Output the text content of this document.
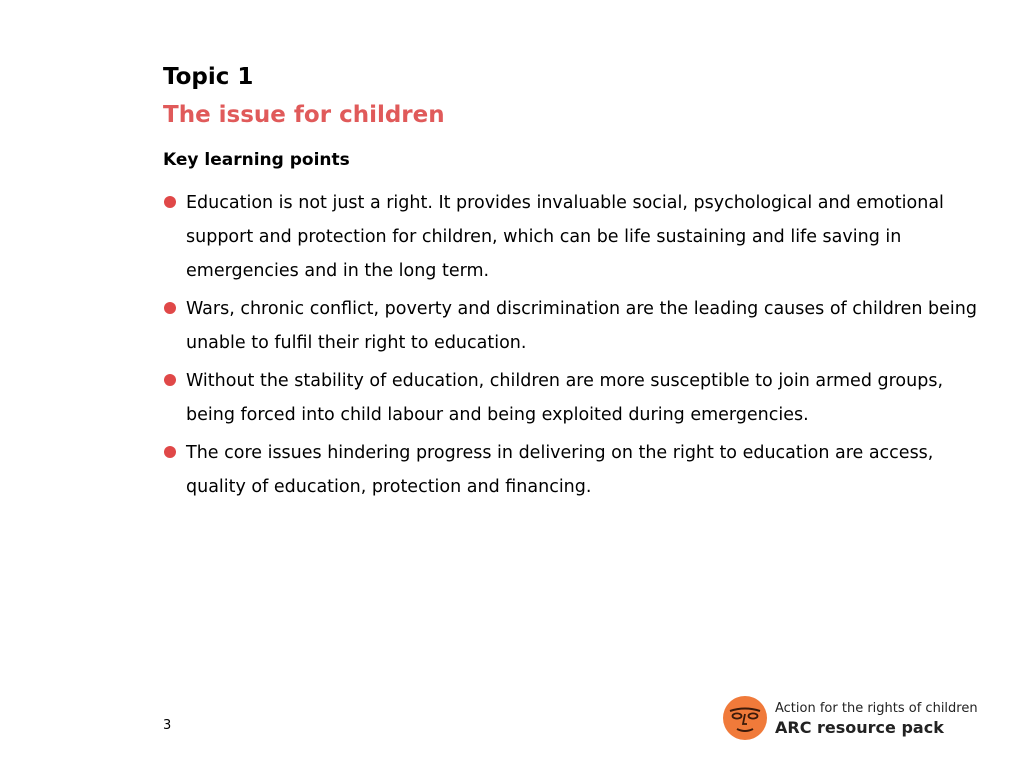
Topic 1
The issue for children
Key learning points
Education is not just a right. It provides invaluable social, psychological and emotional support and protection for children, which can be life sustaining and life saving in emergencies and in the long term.
Wars, chronic conflict, poverty and discrimination are the leading causes of children being unable to fulfil their right to education.
Without the stability of education, children are more susceptible to join armed groups, being forced into child labour and being exploited during emergencies.
The core issues hindering progress in delivering on the right to education are access, quality of education, protection and financing.
3
Action for the rights of children
ARC resource pack
